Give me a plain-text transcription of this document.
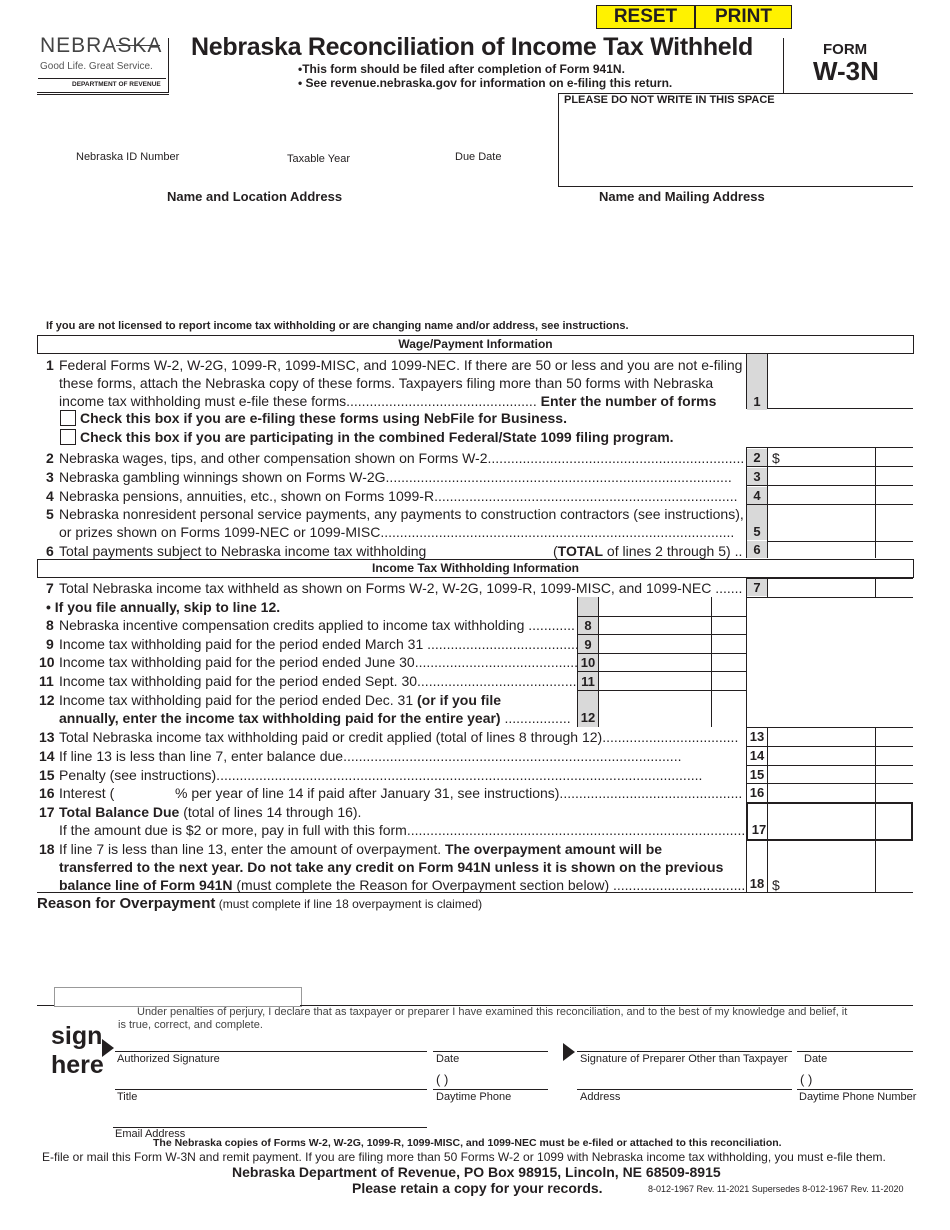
RESET	PRINT
NEBRASKA
Good Life. Great Service.
DEPARTMENT OF REVENUE
Nebraska Reconciliation of Income Tax Withheld
•This form should be filed after completion of Form 941N.
• See revenue.nebraska.gov for information on e-filing this return.
FORM
W-3N
PLEASE DO NOT WRITE IN THIS SPACE
Nebraska ID Number	Taxable Year	Due Date
Name and Location Address	Name and Mailing Address
If you are not licensed to report income tax withholding or are changing name and/or address, see instructions.
Wage/Payment Information
1 Federal Forms W-2, W-2G, 1099-R, 1099-MISC, and 1099-NEC. If there are 50 or less and you are not e-filing
these forms, attach the Nebraska copy of these forms. Taxpayers filing more than 50 forms with Nebraska
income tax withholding must e-file these forms................................................. Enter the number of forms	1
Check this box if you are e-filing these forms using NebFile for Business.
Check this box if you are participating in the combined Federal/State 1099 filing program.
2 Nebraska wages, tips, and other compensation shown on Forms W-2.................................................................. 2 $
3 Nebraska gambling winnings shown on Forms W-2G.........................................................................................	3
4 Nebraska pensions, annuities, etc., shown on Forms 1099-R..............................................................................	4
5 Nebraska nonresident personal service payments, any payments to construction contractors (see instructions),
or prizes shown on Forms 1099-NEC or 1099-MISC...........................................................................................	5
6 Total payments subject to Nebraska income tax withholding	(TOTAL of lines 2 through 5) .. 6
Income Tax Withholding Information
7 Total Nebraska income tax withheld as shown on Forms W-2, W-2G, 1099-R, 1099-MISC, and 1099-NEC ....... 7
• If you file annually, skip to line 12.
8 Nebraska incentive compensation credits applied to income tax withholding ............ 8
9 Income tax withholding paid for the period ended March 31 ....................................... 9
10 Income tax withholding paid for the period ended June 30.......................................... 10
11 Income tax withholding paid for the period ended Sept. 30......................................... 11
12 Income tax withholding paid for the period ended Dec. 31 (or if you file
annually, enter the income tax withholding paid for the entire year) ................. 12
13 Total Nebraska income tax withholding paid or credit applied (total of lines 8 through 12)................................... 13
14 If line 13 is less than line 7, enter balance due.......................................................................................	14
15 Penalty (see instructions).............................................................................................................................	15
16 Interest (	% per year of line 14 if paid after January 31, see instructions)............................................... 16
17 Total Balance Due (total of lines 14 through 16).
If the amount due is $2 or more, pay in full with this form....................................................................................... 17
18 If line 7 is less than line 13, enter the amount of overpayment. The overpayment amount will be
transferred to the next year. Do not take any credit on Form 941N unless it is shown on the previous
balance line of Form 941N (must complete the Reason for Overpayment section below) .................................. 18 $
Reason for Overpayment (must complete if line 18 overpayment is claimed)
Under penalties of perjury, I declare that as taxpayer or preparer I have examined this reconciliation, and to the best of my knowledge and belief, it
is true, correct, and complete.
sign
here Authorized Signature	Date	Signature of Preparer Other than Taxpayer Date
( )	( )
Title	Daytime Phone	Address	Daytime Phone Number
Email Address
The Nebraska copies of Forms W-2, W-2G, 1099-R, 1099-MISC, and 1099-NEC must be e-filed or attached to this reconciliation.
E-file or mail this Form W-3N and remit payment. If you are filing more than 50 Forms W-2 or 1099 with Nebraska income tax withholding, you must e-file them.
Nebraska Department of Revenue, PO Box 98915, Lincoln, NE 68509-8915
Please retain a copy for your records.	8-012-1967 Rev. 11-2021 Supersedes 8-012-1967 Rev. 11-2020
